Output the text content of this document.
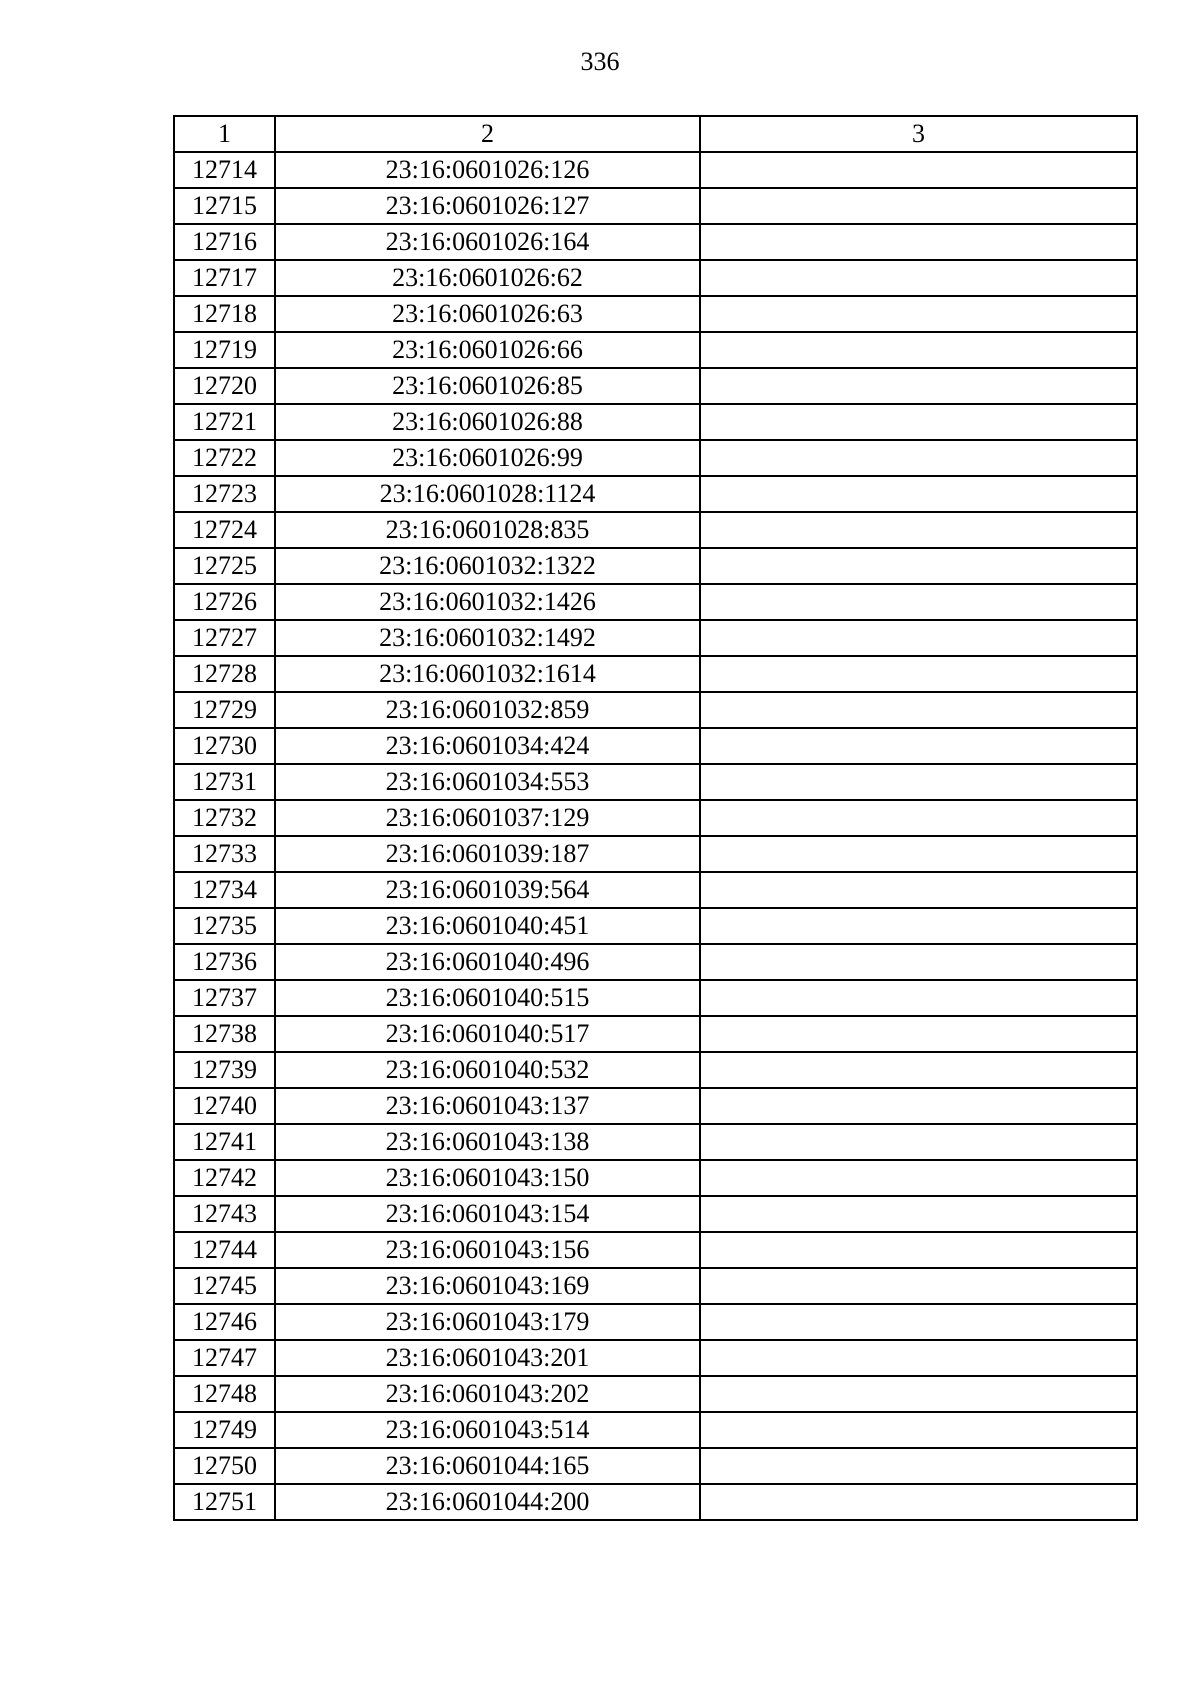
336
1	2	3
12714	23:16:0601026:126	
12715	23:16:0601026:127	
12716	23:16:0601026:164	
12717	23:16:0601026:62	
12718	23:16:0601026:63	
12719	23:16:0601026:66	
12720	23:16:0601026:85	
12721	23:16:0601026:88	
12722	23:16:0601026:99	
12723	23:16:0601028:1124	
12724	23:16:0601028:835	
12725	23:16:0601032:1322	
12726	23:16:0601032:1426	
12727	23:16:0601032:1492	
12728	23:16:0601032:1614	
12729	23:16:0601032:859	
12730	23:16:0601034:424	
12731	23:16:0601034:553	
12732	23:16:0601037:129	
12733	23:16:0601039:187	
12734	23:16:0601039:564	
12735	23:16:0601040:451	
12736	23:16:0601040:496	
12737	23:16:0601040:515	
12738	23:16:0601040:517	
12739	23:16:0601040:532	
12740	23:16:0601043:137	
12741	23:16:0601043:138	
12742	23:16:0601043:150	
12743	23:16:0601043:154	
12744	23:16:0601043:156	
12745	23:16:0601043:169	
12746	23:16:0601043:179	
12747	23:16:0601043:201	
12748	23:16:0601043:202	
12749	23:16:0601043:514	
12750	23:16:0601044:165	
12751	23:16:0601044:200	
